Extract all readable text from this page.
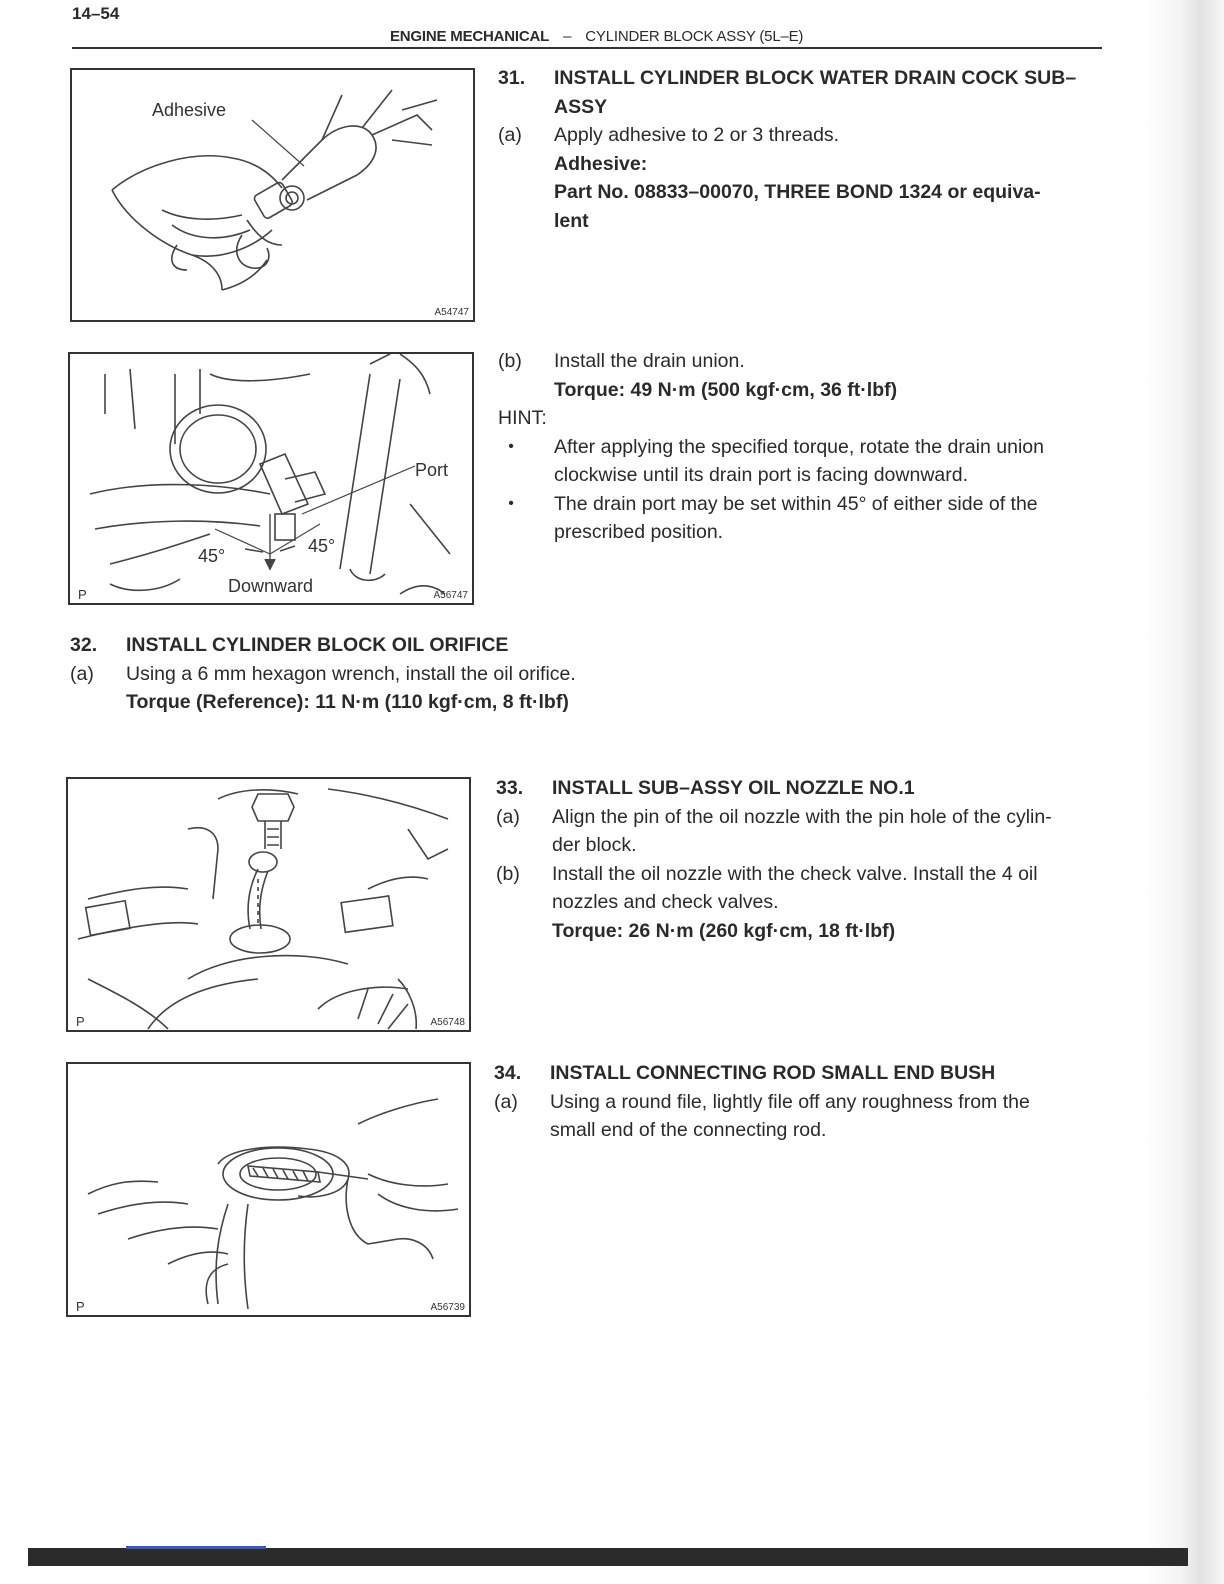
14–54
ENGINE MECHANICAL – CYLINDER BLOCK ASSY (5L–E)
Adhesive
A54747
Port
45°	45°
Downward
P	A56747
P	A56748
P	A56739
31.	INSTALL CYLINDER BLOCK WATER DRAIN COCK SUB–ASSY
(a)	Apply adhesive to 2 or 3 threads.
Adhesive:
Part No. 08833–00070, THREE BOND 1324 or equiva-
lent
(b)	Install the drain union.
Torque: 49 N·m (500 kgf·cm, 36 ft·lbf)
HINT:
•	After applying the specified torque, rotate the drain union
clockwise until its drain port is facing downward.
•	The drain port may be set within 45° of either side of the
prescribed position.
32.	INSTALL CYLINDER BLOCK OIL ORIFICE
(a)	Using a 6 mm hexagon wrench, install the oil orifice.
Torque (Reference): 11 N·m (110 kgf·cm, 8 ft·lbf)
33.	INSTALL SUB–ASSY OIL NOZZLE NO.1
(a)	Align the pin of the oil nozzle with the pin hole of the cylin-
der block.
(b)	Install the oil nozzle with the check valve. Install the 4 oil
nozzles and check valves.
Torque: 26 N·m (260 kgf·cm, 18 ft·lbf)
34.	INSTALL CONNECTING ROD SMALL END BUSH
(a)	Using a round file, lightly file off any roughness from the
small end of the connecting rod.
